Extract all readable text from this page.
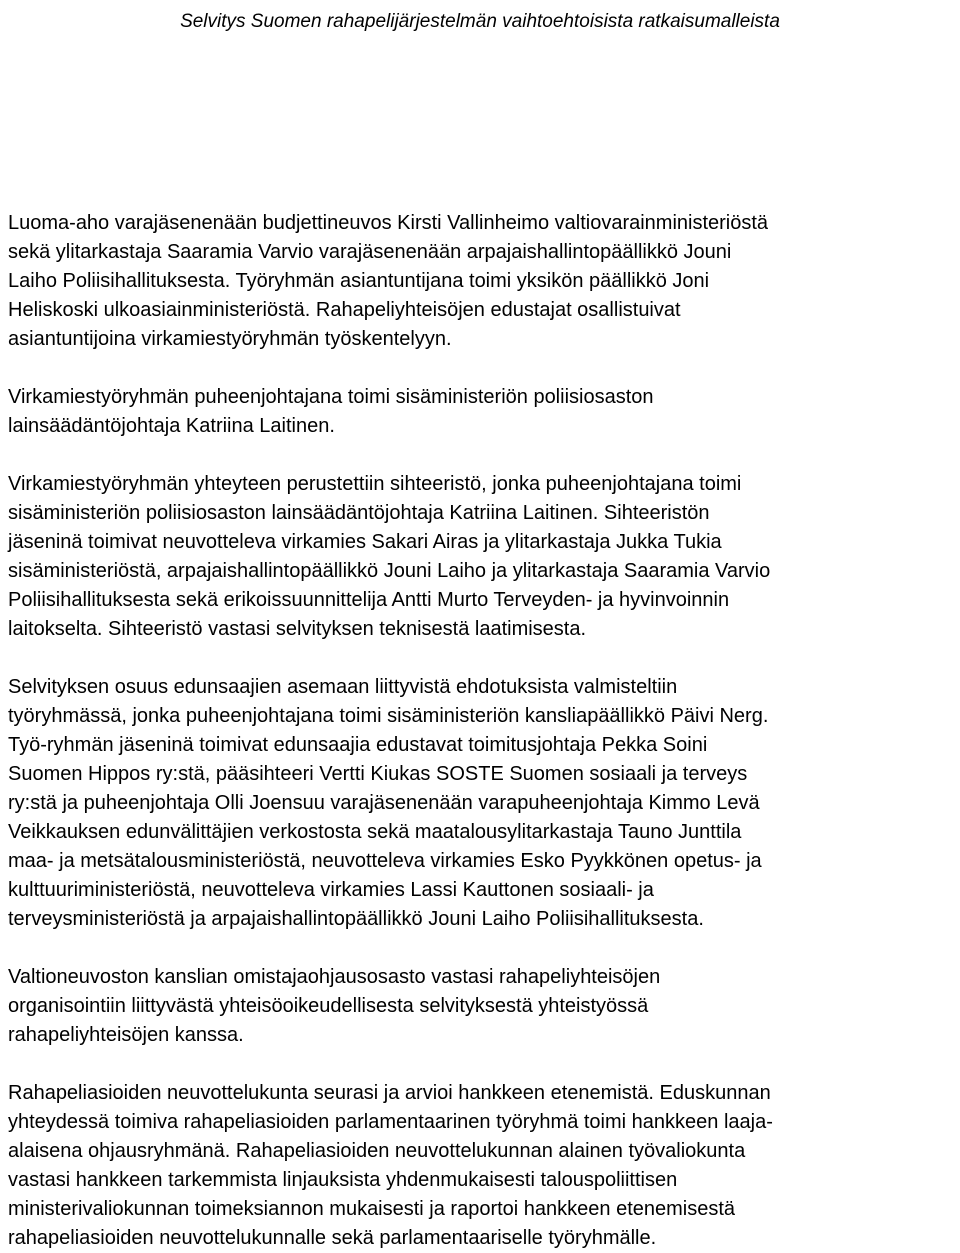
Selvitys Suomen rahapelijärjestelmän vaihtoehtoisista ratkaisumalleista

Luoma-aho varajäsenenään budjettineuvos Kirsti Vallinheimo valtiovarainministeriöstä
sekä ylitarkastaja Saaramia Varvio varajäsenenään arpajaishallintopäällikkö Jouni
Laiho Poliisihallituksesta. Työryhmän asiantuntijana toimi yksikön päällikkö Joni
Heliskoski ulkoasiainministeriöstä. Rahapeliyhteisöjen edustajat osallistuivat
asiantuntijoina virkamiestyöryhmän työskentelyyn.

Virkamiestyöryhmän puheenjohtajana toimi sisäministeriön poliisiosaston
lainsäädäntöjohtaja Katriina Laitinen.

Virkamiestyöryhmän yhteyteen perustettiin sihteeristö, jonka puheenjohtajana toimi
sisäministeriön poliisiosaston lainsäädäntöjohtaja Katriina Laitinen. Sihteeristön
jäseninä toimivat neuvotteleva virkamies Sakari Airas ja ylitarkastaja Jukka Tukia
sisäministeriöstä, arpajaishallintopäällikkö Jouni Laiho ja ylitarkastaja Saaramia Varvio
Poliisihallituksesta sekä erikoissuunnittelija Antti Murto Terveyden- ja hyvinvoinnin
laitokselta. Sihteeristö vastasi selvityksen teknisestä laatimisesta.

Selvityksen osuus edunsaajien asemaan liittyvistä ehdotuksista valmisteltiin
työryhmässä, jonka puheenjohtajana toimi sisäministeriön kansliapäällikkö Päivi Nerg.
Työ-ryhmän jäseninä toimivat edunsaajia edustavat toimitusjohtaja Pekka Soini
Suomen Hippos ry:stä, pääsihteeri Vertti Kiukas SOSTE Suomen sosiaali ja terveys
ry:stä ja puheenjohtaja Olli Joensuu varajäsenenään varapuheenjohtaja Kimmo Levä
Veikkauksen edunvälittäjien verkostosta sekä maatalousylitarkastaja Tauno Junttila
maa- ja metsätalousministeriöstä, neuvotteleva virkamies Esko Pyykkönen opetus- ja
kulttuuriministeriöstä, neuvotteleva virkamies Lassi Kauttonen sosiaali- ja
terveysministeriöstä ja arpajaishallintopäällikkö Jouni Laiho Poliisihallituksesta.

Valtioneuvoston kanslian omistajaohjausosasto vastasi rahapeliyhteisöjen
organisointiin liittyvästä yhteisöoikeudellisesta selvityksestä yhteistyössä
rahapeliyhteisöjen kanssa.

Rahapeliasioiden neuvottelukunta seurasi ja arvioi hankkeen etenemistä. Eduskunnan
yhteydessä toimiva rahapeliasioiden parlamentaarinen työryhmä toimi hankkeen laaja-
alaisena ohjausryhmänä. Rahapeliasioiden neuvottelukunnan alainen työvaliokunta
vastasi hankkeen tarkemmista linjauksista yhdenmukaisesti talouspoliittisen
ministerivaliokunnan toimeksiannon mukaisesti ja raportoi hankkeen etenemisestä
rahapeliasioiden neuvottelukunnalle sekä parlamentaariselle työryhmälle.
